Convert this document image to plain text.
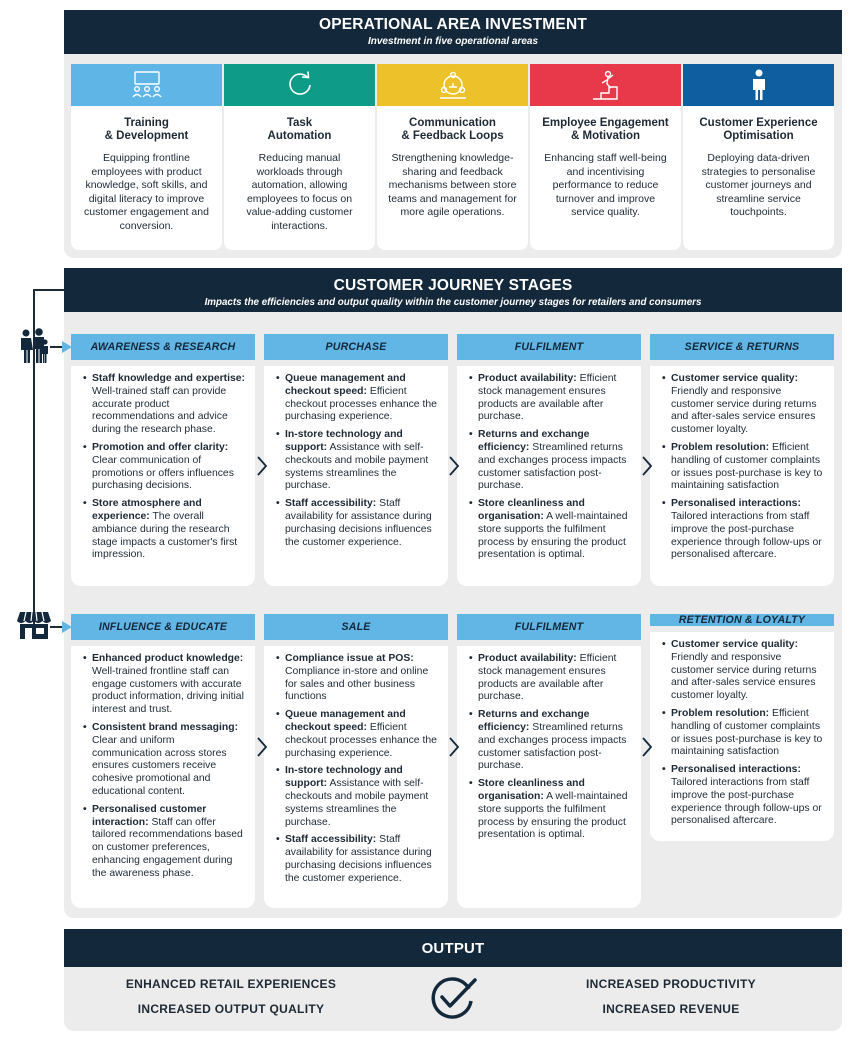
OPERATIONAL AREA INVESTMENT
Investment in five operational areas
Training
& Development
Equipping frontline employees with product knowledge, soft skills, and digital literacy to improve customer engagement and conversion.
Task
Automation
Reducing manual workloads through automation, allowing employees to focus on value-adding customer interactions.
Communication
& Feedback Loops
Strengthening knowledge-sharing and feedback mechanisms between store teams and management for more agile operations.
Employee Engagement
& Motivation
Enhancing staff well-being and incentivising performance to reduce turnover and improve service quality.
Customer Experience
Optimisation
Deploying data-driven strategies to personalise customer journeys and streamline service touchpoints.
CUSTOMER JOURNEY STAGES
Impacts the efficiencies and output quality within the customer journey stages for retailers and consumers
AWARENESS & RESEARCH
• Staff knowledge and expertise: Well-trained staff can provide accurate product recommendations and advice during the research phase.
• Promotion and offer clarity: Clear communication of promotions or offers influences purchasing decisions.
• Store atmosphere and experience: The overall ambiance during the research stage impacts a customer's first impression.
PURCHASE
• Queue management and checkout speed: Efficient checkout processes enhance the purchasing experience.
• In-store technology and support: Assistance with self-checkouts and mobile payment systems streamlines the purchase.
• Staff accessibility: Staff availability for assistance during purchasing decisions influences the customer experience.
FULFILMENT
• Product availability: Efficient stock management ensures products are available after purchase.
• Returns and exchange efficiency: Streamlined returns and exchanges process impacts customer satisfaction post-purchase.
• Store cleanliness and organisation: A well-maintained store supports the fulfilment process by ensuring the product presentation is optimal.
SERVICE & RETURNS
• Customer service quality: Friendly and responsive customer service during returns and after-sales service ensures customer loyalty.
• Problem resolution: Efficient handling of customer complaints or issues post-purchase is key to maintaining satisfaction
• Personalised interactions: Tailored interactions from staff improve the post-purchase experience through follow-ups or personalised aftercare.
INFLUENCE & EDUCATE
• Enhanced product knowledge: Well-trained frontline staff can engage customers with accurate product information, driving initial interest and trust.
• Consistent brand messaging: Clear and uniform communication across stores ensures customers receive cohesive promotional and educational content.
• Personalised customer interaction: Staff can offer tailored recommendations based on customer preferences, enhancing engagement during the awareness phase.
SALE
• Compliance issue at POS: Compliance in-store and online for sales and other business functions
• Queue management and checkout speed: Efficient checkout processes enhance the purchasing experience.
• In-store technology and support: Assistance with self-checkouts and mobile payment systems streamlines the purchase.
• Staff accessibility: Staff availability for assistance during purchasing decisions influences the customer experience.
FULFILMENT
• Product availability: Efficient stock management ensures products are available after purchase.
• Returns and exchange efficiency: Streamlined returns and exchanges process impacts customer satisfaction post-purchase.
• Store cleanliness and organisation: A well-maintained store supports the fulfilment process by ensuring the product presentation is optimal.
RETENTION & LOYALTY
• Customer service quality: Friendly and responsive customer service during returns and after-sales service ensures customer loyalty.
• Problem resolution: Efficient handling of customer complaints or issues post-purchase is key to maintaining satisfaction
• Personalised interactions: Tailored interactions from staff improve the post-purchase experience through follow-ups or personalised aftercare.
OUTPUT
ENHANCED RETAIL EXPERIENCES
INCREASED OUTPUT QUALITY
INCREASED PRODUCTIVITY
INCREASED REVENUE
